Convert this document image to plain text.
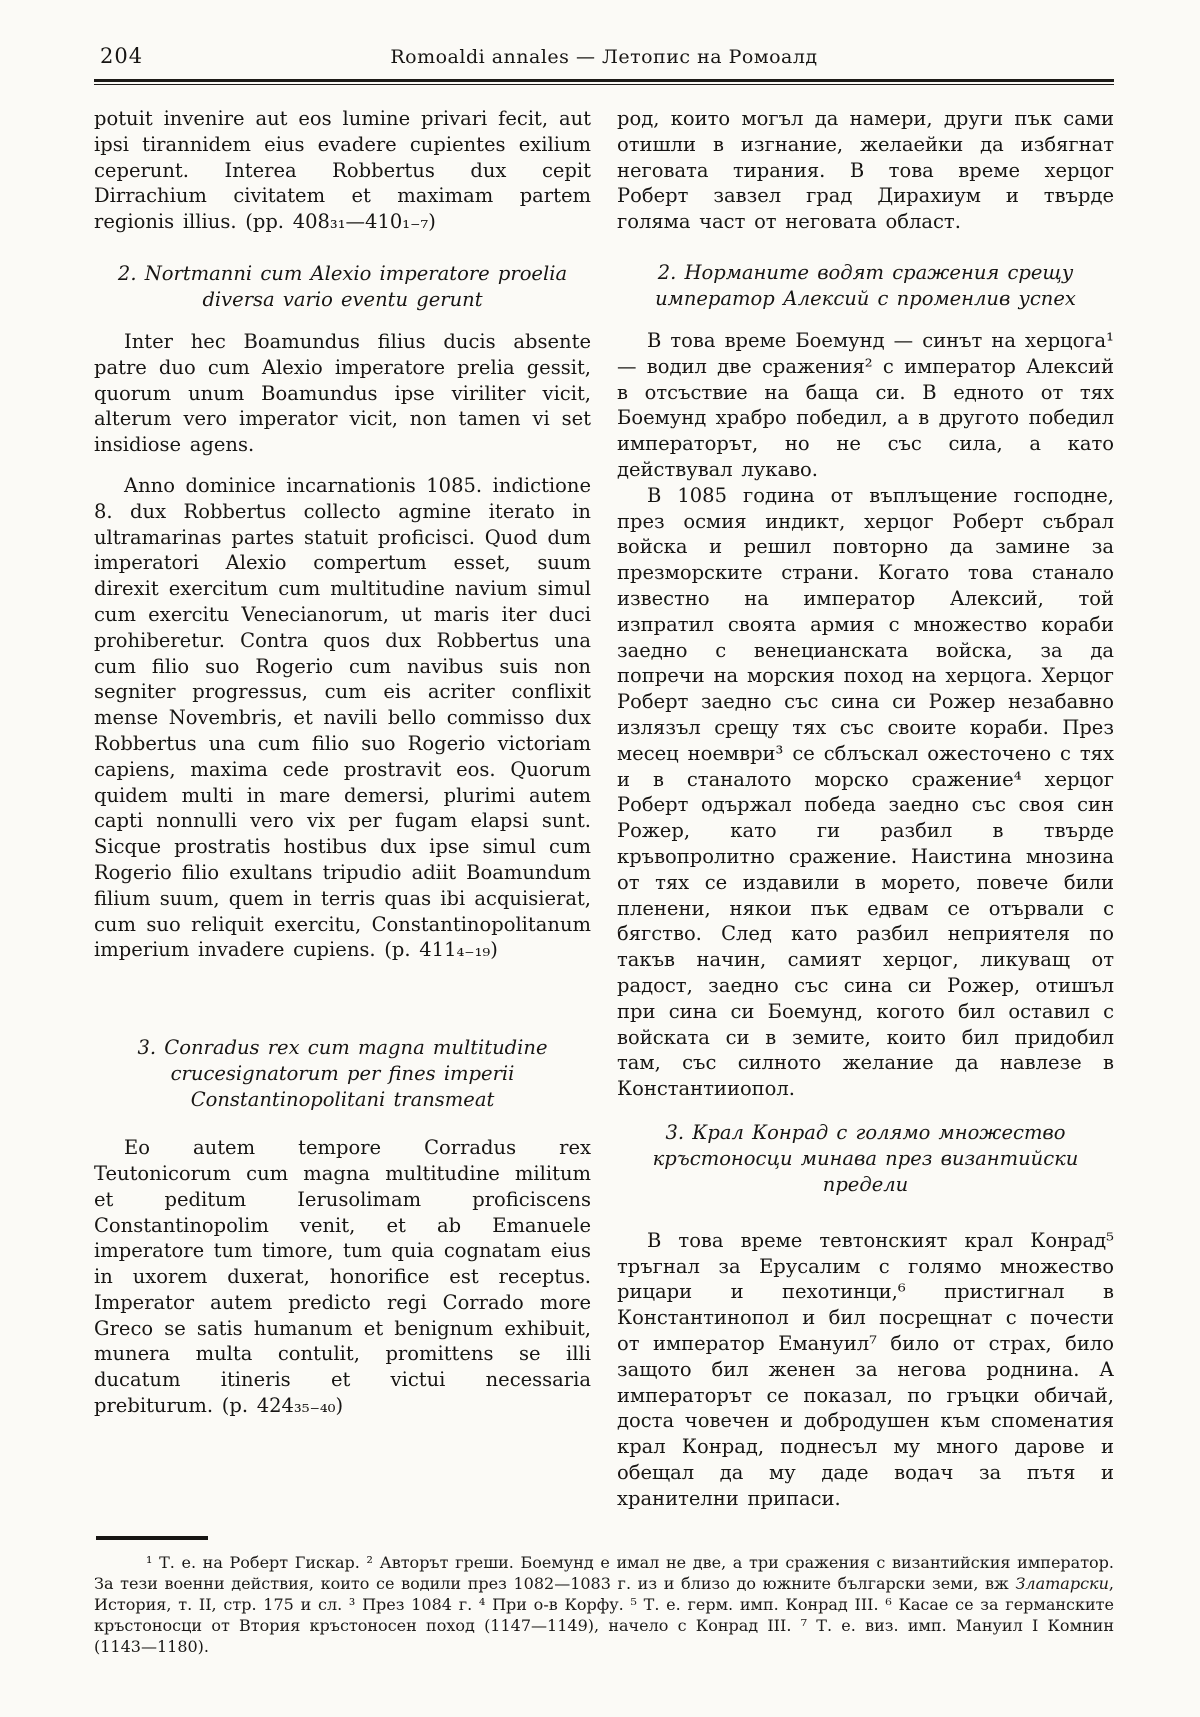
204	Romoaldi annales — Летопис на Ромоалд

potuit invenire aut eos lumine privari fecit, aut ipsi tirannidem eius evadere cupientes exilium ceperunt. Interea Robbertus dux cepit Dirrachium civitatem et maximam partem regionis illius. (pp. 408₃₁—410₁₋₇)

2. Nortmanni cum Alexio imperatore proelia diversa vario eventu gerunt

Inter hec Boamundus filius ducis absente patre duo cum Alexio imperatore prelia gessit, quorum unum Boamundus ipse viriliter vicit, alterum vero imperator vicit, non tamen vi set insidiose agens.

Anno dominice incarnationis 1085. indictione 8. dux Robbertus collecto agmine iterato in ultramarinas partes statuit proficisci. Quod dum imperatori Alexio compertum esset, suum direxit exercitum cum multitudine navium simul cum exercitu Venecianorum, ut maris iter duci prohiberetur. Contra quos dux Robbertus una cum filio suo Rogerio cum navibus suis non segniter progressus, cum eis acriter conflixit mense Novembris, et navili bello commisso dux Robbertus una cum filio suo Rogerio victoriam capiens, maxima cede prostravit eos. Quorum quidem multi in mare demersi, plurimi autem capti nonnulli vero vix per fugam elapsi sunt. Sicque prostratis hostibus dux ipse simul cum Rogerio filio exultans tripudio adiit Boamundum filium suum, quem in terris quas ibi acquisierat, cum suo reliquit exercitu, Constantinopolitanum imperium invadere cupiens. (p. 411₄₋₁₉)

3. Conradus rex cum magna multitudine crucesignatorum per fines imperii Constantinopolitani transmeat

Eo autem tempore Corradus rex Teutonicorum cum magna multitudine militum et peditum Ierusolimam proficiscens Constantinopolim venit, et ab Emanuele imperatore tum timore, tum quia cognatam eius in uxorem duxerat, honorifice est receptus. Imperator autem predicto regi Corrado more Greco se satis humanum et benignum exhibuit, munera multa contulit, promittens se illi ducatum itineris et victui necessaria prebiturum. (p. 424₃₅₋₄₀)

род, които могъл да намери, други пък сами отишли в изгнание, желаейки да избягнат неговата тирания. В това време херцог Роберт завзел град Дирахиум и твърде голяма част от неговата област.

2. Норманите водят сражения срещу император Алексий с променлив успех

В това време Боемунд — синът на херцога¹ — водил две сражения² с император Алексий в отсъствие на баща си. В едното от тях Боемунд храбро победил, а в другото победил императорът, но не със сила, а като действувал лукаво.

В 1085 година от въплъщение господне, през осмия индикт, херцог Роберт събрал войска и решил повторно да замине за презморските страни. Когато това станало известно на император Алексий, той изпратил своята армия с множество кораби заедно с венецианската войска, за да попречи на морския поход на херцога. Херцог Роберт заедно със сина си Рожер незабавно излязъл срещу тях със своите кораби. През месец ноември³ се сблъскал ожесточено с тях и в станалото морско сражение⁴ херцог Роберт одържал победа заедно със своя син Рожер, като ги разбил в твърде кръвопролитно сражение. Наистина мнозина от тях се издавили в морето, повече били пленени, някои пък едвам се отървали с бягство. След като разбил неприятеля по такъв начин, самият херцог, ликуващ от радост, заедно със сина си Рожер, отишъл при сина си Боемунд, когото бил оставил с войската си в земите, които бил придобил там, със силното желание да навлезе в Константииопол.

3. Крал Конрад с голямо множество кръстоносци минава през византийски предели

В това време тевтонският крал Конрад⁵ тръгнал за Ерусалим с голямо множество рицари и пехотинци,⁶ пристигнал в Константинопол и бил посрещнат с почести от император Емануил⁷ било от страх, било защото бил женен за негова роднина. А императорът се показал, по гръцки обичай, доста човечен и добродушен към споменатия крал Конрад, поднесъл му много дарове и обещал да му даде водач за пътя и хранителни припаси.

¹ Т. е. на Роберт Гискар. ² Авторът греши. Боемунд е имал не две, а три сражения с византийския император. За тези военни действия, които се водили през 1082—1083 г. из и близо до южните български земи, вж Златарски, История, т. II, стр. 175 и сл. ³ През 1084 г. ⁴ При о-в Корфу. ⁵ Т. е. герм. имп. Конрад III. ⁶ Касае се за германските кръстоносци от Втория кръстоносен поход (1147—1149), начело с Конрад III. ⁷ Т. е. виз. имп. Мануил I Комнин (1143—1180).
